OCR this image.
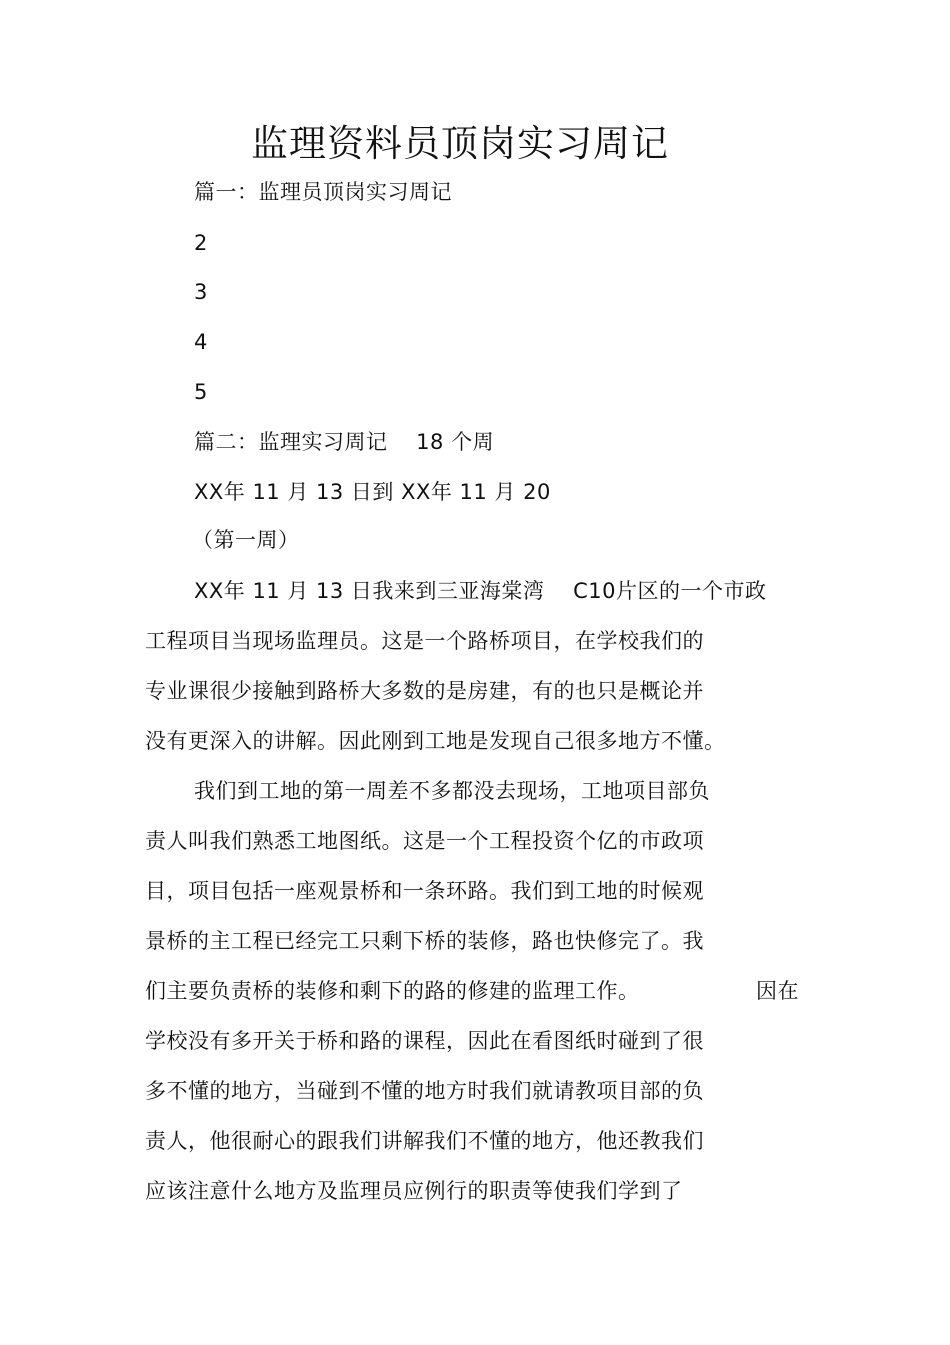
监理资料员顶岗实习周记
篇一：监理员顶岗实习周记
2
3
4
5
篇二：监理实习周记　 18 个周
XX年 11 月 13 日到 XX年 11 月 20
（第一周）
XX年 11 月 13 日我来到三亚海棠湾　 C10片区的一个市政
工程项目当现场监理员。这是一个路桥项目，在学校我们的
专业课很少接触到路桥大多数的是房建，有的也只是概论并
没有更深入的讲解。因此刚到工地是发现自己很多地方不懂。
我们到工地的第一周差不多都没去现场，工地项目部负
责人叫我们熟悉工地图纸。这是一个工程投资个亿的市政项
目，项目包括一座观景桥和一条环路。我们到工地的时候观
景桥的主工程已经完工只剩下桥的装修，路也快修完了。我
们主要负责桥的装修和剩下的路的修建的监理工作。	因在
学校没有多开关于桥和路的课程，因此在看图纸时碰到了很
多不懂的地方，当碰到不懂的地方时我们就请教项目部的负
责人，他很耐心的跟我们讲解我们不懂的地方，他还教我们
应该注意什么地方及监理员应例行的职责等使我们学到了
